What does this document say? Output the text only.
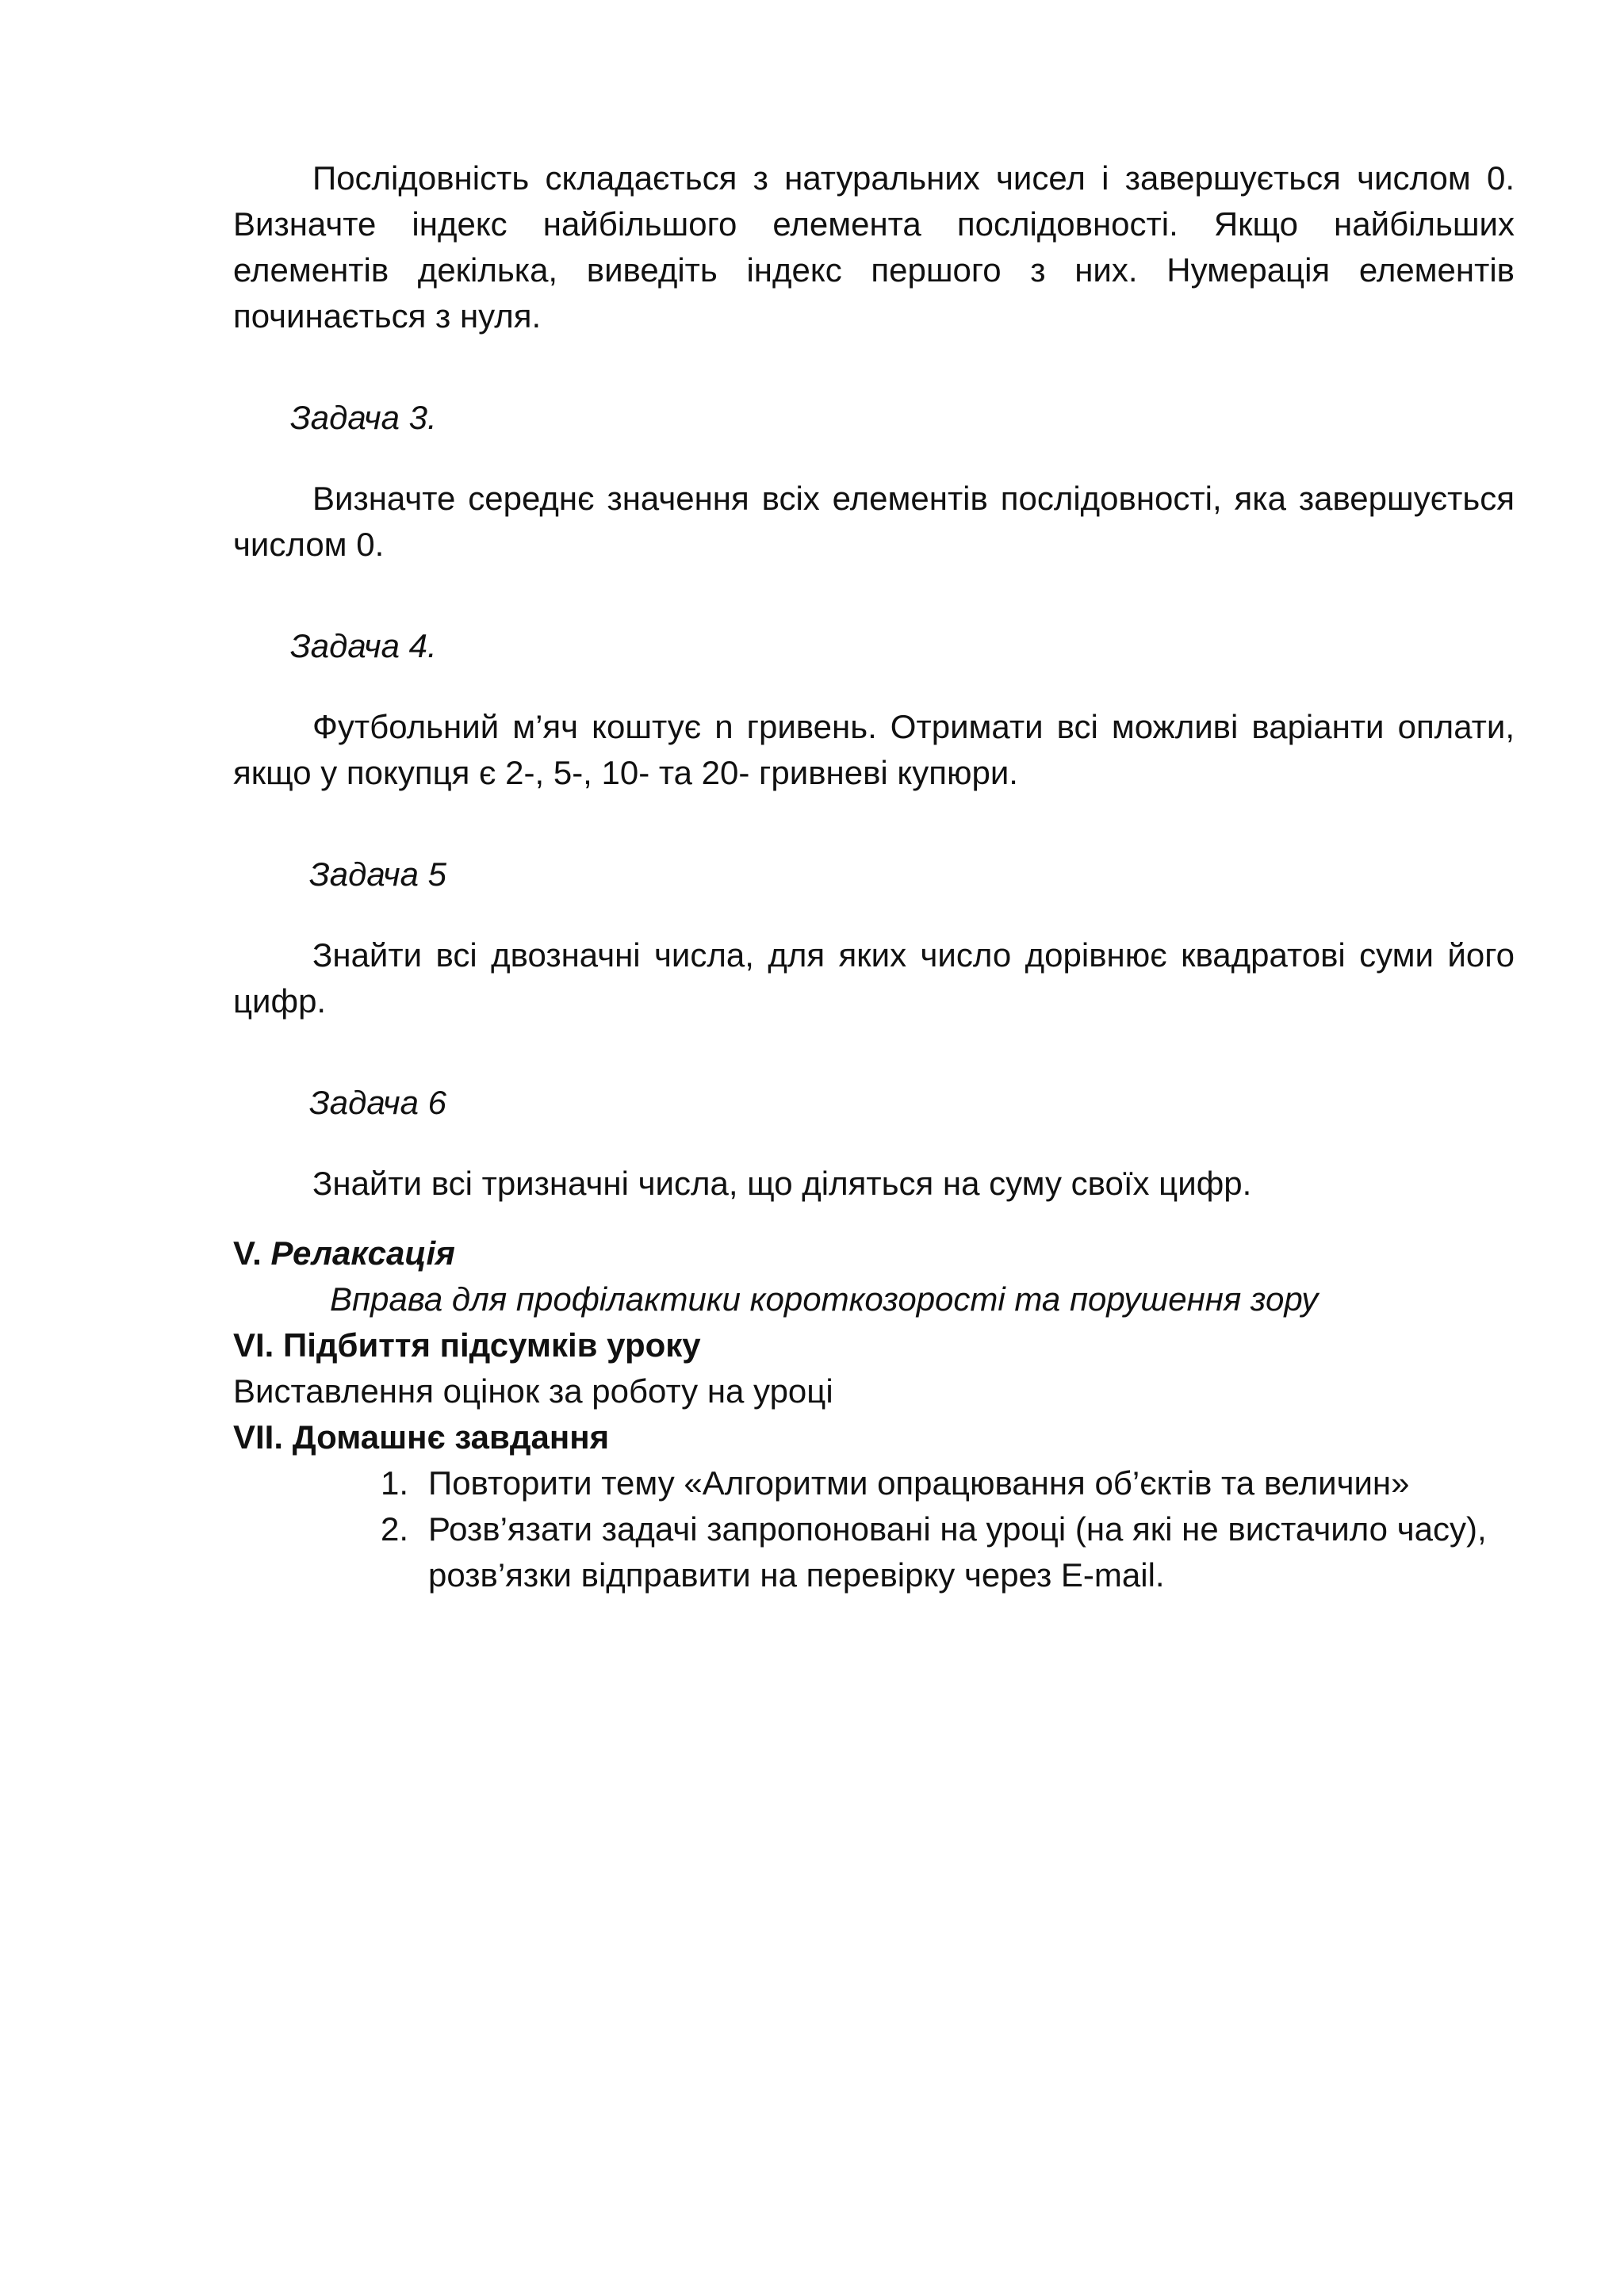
Послідовність складається з натуральних чисел і завершується числом 0. Визначте індекс найбільшого елемента послідовності. Якщо найбільших елементів декілька, виведіть індекс першого з них. Нумерація елементів починається з нуля.

Задача 3.

Визначте середнє значення всіх елементів послідовності, яка завершується числом 0.

Задача 4.

Футбольний м’яч коштує n гривень. Отримати всі можливі варіанти оплати, якщо у покупця є 2-, 5-, 10- та 20- гривневі купюри.

Задача 5

Знайти всі двозначні числа, для яких число дорівнює квадратові суми його цифр.

Задача 6

Знайти всі тризначні числа, що діляться на суму своїх цифр.

V. Релаксація

Вправа для профілактики короткозорості та порушення зору

VI. Підбиття підсумків уроку

Виставлення оцінок за роботу на уроці

VII. Домашнє завдання

1. Повторити тему «Алгоритми опрацювання об’єктів та величин»
2. Розв’язати задачі запропоновані на уроці (на які не вистачило часу), розв’язки відправити на перевірку через E-mail.
